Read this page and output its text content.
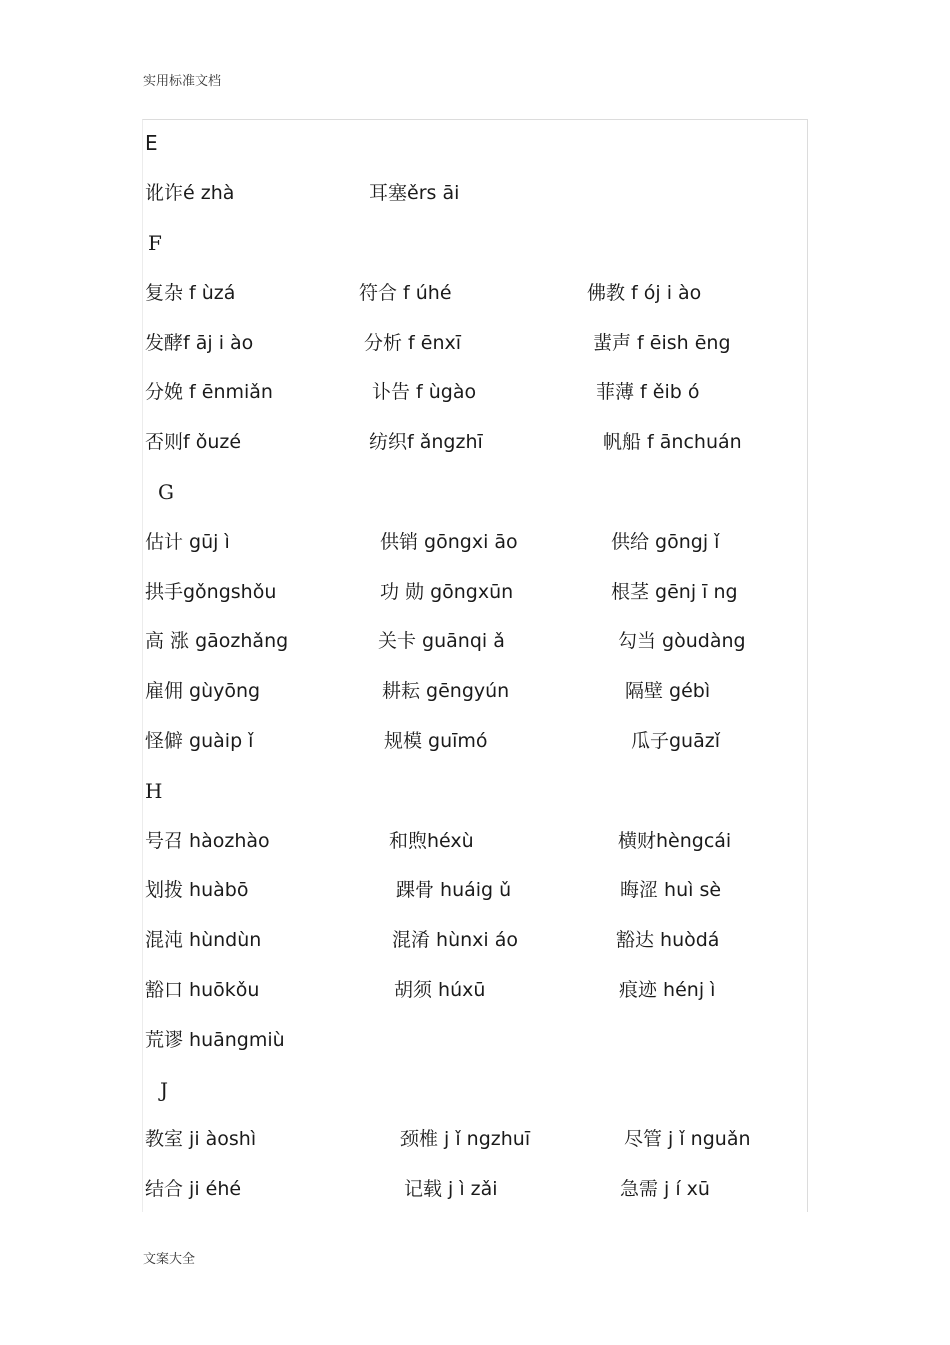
实用标准文档
E
讹诈é zhà	耳塞ěrs āi
F
复杂 f ùzá	符合 f úhé	佛教 f ój i ào
发酵f āj i ào	分析 f ēnxī	蜚声 f ēish ēng
分娩 f ēnmiǎn	讣告 f ùgào	菲薄 f ěib ó
否则f ǒuzé	纺织f ǎngzhī	帆船 f ānchuán
G
估计 gūj ì	供销 gōngxi āo	供给 gōngj ǐ
拱手gǒngshǒu	功 勋 gōngxūn	根茎 gēnj ī ng
高 涨 gāozhǎng	关卡 guānqi ǎ	勾当 gòudàng
雇佣 gùyōng	耕耘 gēngyún	隔壁 gébì
怪僻 guàip ǐ	规模 guīmó	瓜子guāzǐ
H
号召 hàozhào	和煦héxù	横财hèngcái
划拨 huàbō	踝骨 huáig ǔ	晦涩 huì sè
混沌 hùndùn	混淆 hùnxi áo	豁达 huòdá
豁口 huōkǒu	胡须 húxū	痕迹 hénj ì
荒谬 huāngmiù
J
教室 ji àoshì	颈椎 j ǐ ngzhuī	尽管 j ǐ nguǎn
结合 ji éhé	记载 j ì zǎi	急需 j í xū
文案大全
